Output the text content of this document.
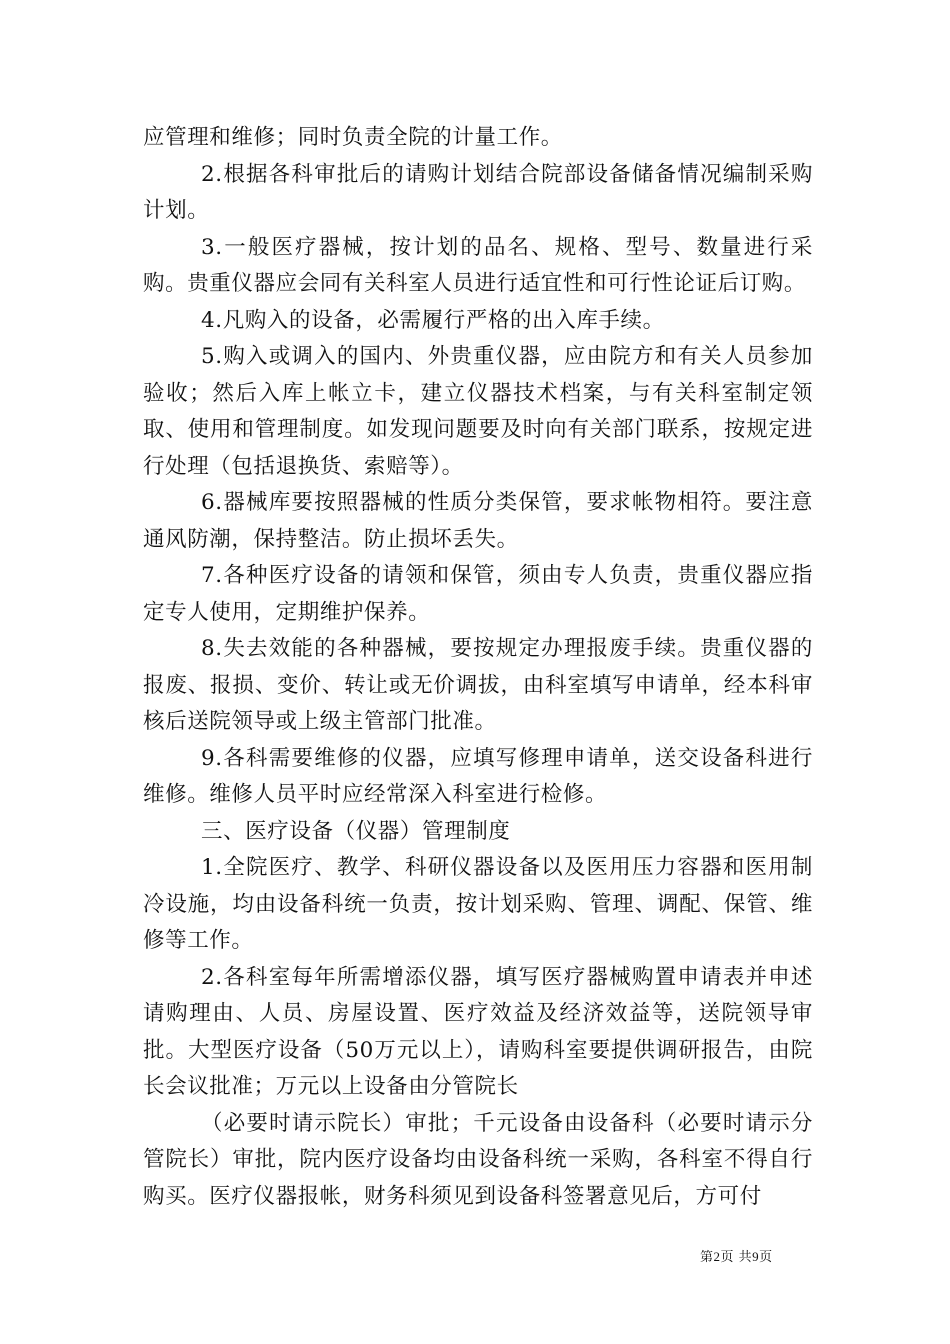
应管理和维修；同时负责全院的计量工作。

2.根据各科审批后的请购计划结合院部设备储备情况编制采购计划。

3.一般医疗器械，按计划的品名、规格、型号、数量进行采购。贵重仪器应会同有关科室人员进行适宜性和可行性论证后订购。

4.凡购入的设备，必需履行严格的出入库手续。

5.购入或调入的国内、外贵重仪器，应由院方和有关人员参加验收；然后入库上帐立卡，建立仪器技术档案，与有关科室制定领取、使用和管理制度。如发现问题要及时向有关部门联系，按规定进行处理（包括退换货、索赔等）。

6.器械库要按照器械的性质分类保管，要求帐物相符。要注意通风防潮，保持整洁。防止损坏丢失。

7.各种医疗设备的请领和保管，须由专人负责，贵重仪器应指定专人使用，定期维护保养。

8.失去效能的各种器械，要按规定办理报废手续。贵重仪器的报废、报损、变价、转让或无价调拔，由科室填写申请单，经本科审核后送院领导或上级主管部门批准。

9.各科需要维修的仪器，应填写修理申请单，送交设备科进行维修。维修人员平时应经常深入科室进行检修。

三、医疗设备（仪器）管理制度

1.全院医疗、教学、科研仪器设备以及医用压力容器和医用制冷设施，均由设备科统一负责，按计划采购、管理、调配、保管、维修等工作。

2.各科室每年所需增添仪器，填写医疗器械购置申请表并申述请购理由、人员、房屋设置、医疗效益及经济效益等，送院领导审批。大型医疗设备（50万元以上），请购科室要提供调研报告，由院长会议批准；万元以上设备由分管院长

（必要时请示院长）审批；千元设备由设备科（必要时请示分管院长）审批，院内医疗设备均由设备科统一采购，各科室不得自行购买。医疗仪器报帐，财务科须见到设备科签署意见后，方可付

第2页 共9页
